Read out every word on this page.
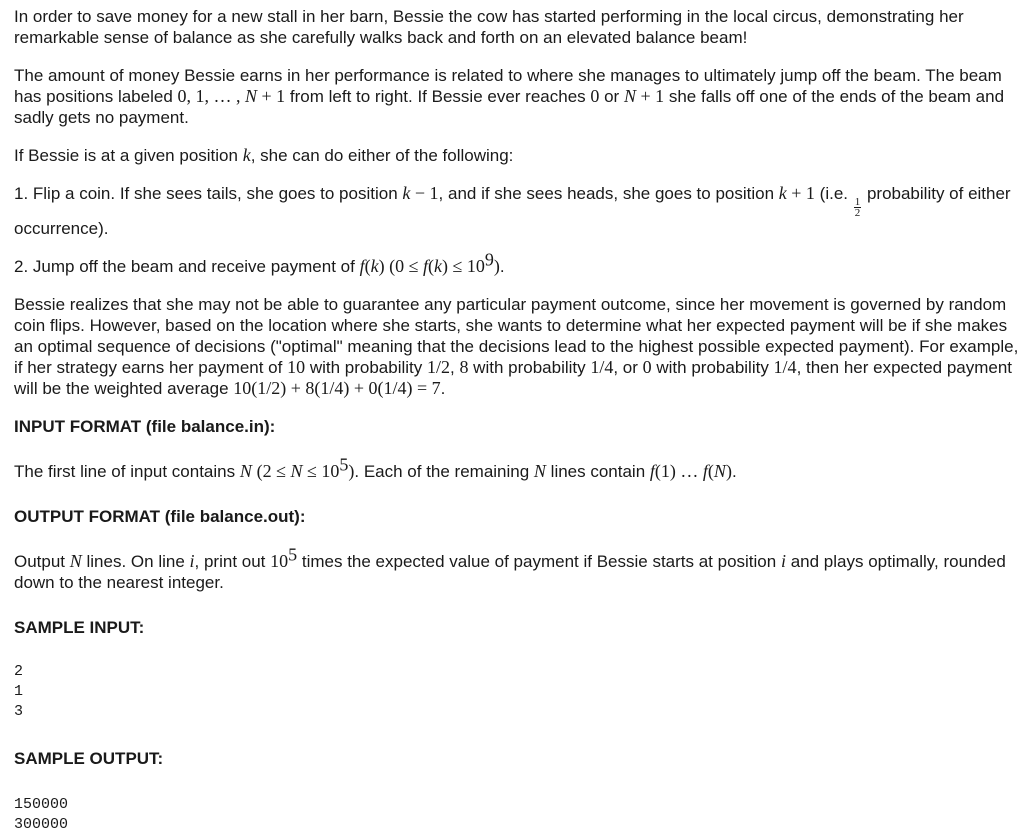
In order to save money for a new stall in her barn, Bessie the cow has started performing in the local circus, demonstrating her remarkable sense of balance as she carefully walks back and forth on an elevated balance beam!

The amount of money Bessie earns in her performance is related to where she manages to ultimately jump off the beam. The beam has positions labeled 0, 1, … , N + 1 from left to right. If Bessie ever reaches 0 or N + 1 she falls off one of the ends of the beam and sadly gets no payment.

If Bessie is at a given position k, she can do either of the following:

1. Flip a coin. If she sees tails, she goes to position k − 1, and if she sees heads, she goes to position k + 1 (i.e.
$\frac{1}{2}$
probability of either occurrence).

2. Jump off the beam and receive payment of f(k) $(0 \le f(k) \le 10^9)$.

Bessie realizes that she may not be able to guarantee any particular payment outcome, since her movement is governed by random coin flips. However, based on the location where she starts, she wants to determine what her expected payment will be if she makes an optimal sequence of decisions ("optimal" meaning that the decisions lead to the highest possible expected payment). For example, if her strategy earns her payment of 10 with probability 1/2, 8 with probability 1/4, or 0 with probability 1/4, then her expected payment will be the weighted average 10(1/2) + 8(1/4) + 0(1/4) = 7.

INPUT FORMAT (file balance.in):

The first line of input contains N $(2 \le N \le 10^5)$. Each of the remaining N lines contain f(1) … f(N).

OUTPUT FORMAT (file balance.out):

Output N lines. On line i, print out $10^5$ times the expected value of payment if Bessie starts at position i and plays optimally, rounded down to the nearest integer.

SAMPLE INPUT:
2
1
3
SAMPLE OUTPUT:
150000
300000
